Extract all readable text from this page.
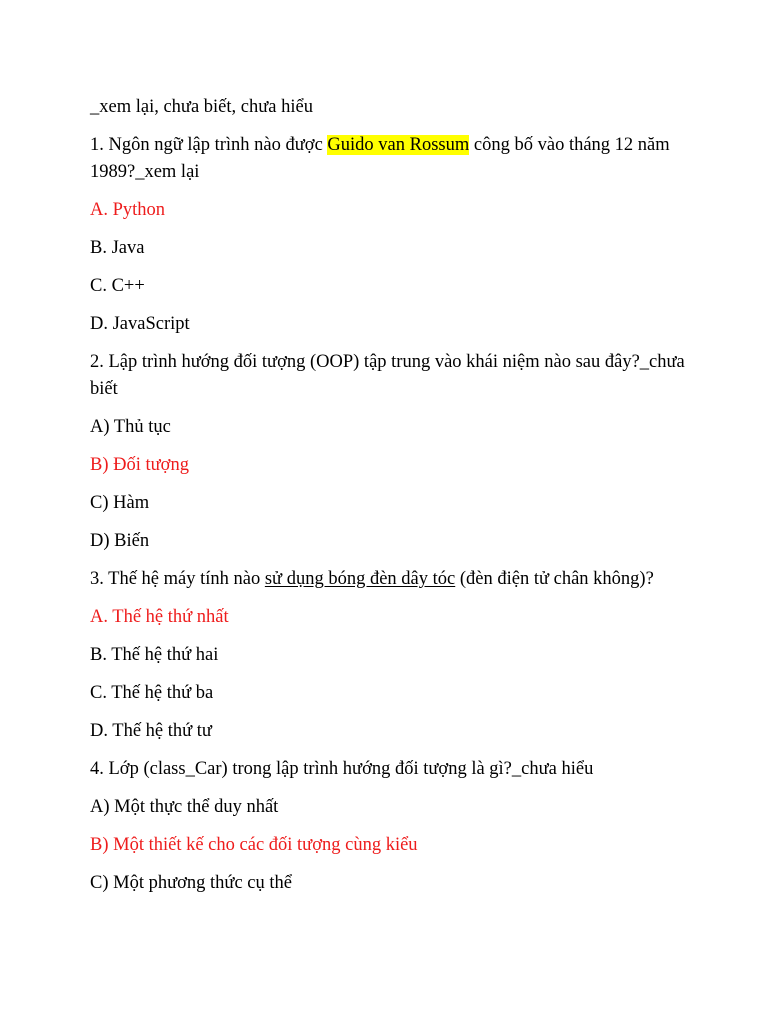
_xem lại, chưa biết, chưa hiểu

1. Ngôn ngữ lập trình nào được Guido van Rossum công bố vào tháng 12 năm 1989?_xem lại

A. Python

B. Java

C. C++

D. JavaScript

2. Lập trình hướng đối tượng (OOP) tập trung vào khái niệm nào sau đây?_chưa biết

A) Thủ tục

B) Đối tượng

C) Hàm

D) Biến

3. Thế hệ máy tính nào sử dụng bóng đèn dây tóc (đèn điện tử chân không)?

A. Thế hệ thứ nhất

B. Thế hệ thứ hai

C. Thế hệ thứ ba

D. Thế hệ thứ tư

4. Lớp (class_Car) trong lập trình hướng đối tượng là gì?_chưa hiểu

A) Một thực thể duy nhất

B) Một thiết kế cho các đối tượng cùng kiểu

C) Một phương thức cụ thể
